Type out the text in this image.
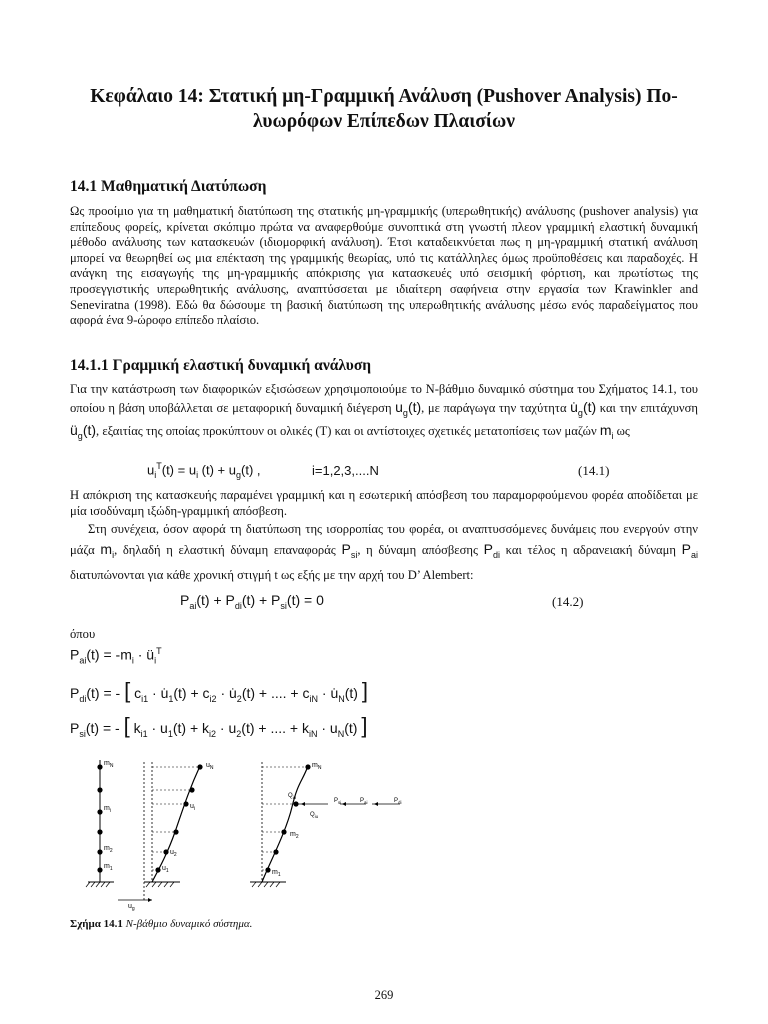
Κεφάλαιο 14: Στατική μη-Γραμμική Ανάλυση (Pushover Analysis) Πο-
λυωρόφων Επίπεδων Πλαισίων
14.1 Μαθηματική Διατύπωση
Ως προοίμιο για τη μαθηματική διατύπωση της στατικής μη-γραμμικής (υπερωθητικής) ανάλυσης (pushover analysis) για επίπεδους φορείς, κρίνεται σκόπιμο πρώτα να αναφερθούμε συνοπτικά στη γνωστή πλεον γραμμική ελαστική δυναμική μέθοδο ανάλυσης των κατασκευών (ιδιομορφική ανάλυση). Έτσι καταδεικνύεται πως η μη-γραμμική στατική ανάλυση μπορεί να θεωρηθεί ως μια επέκταση της γραμμικής θεωρίας, υπό τις κατάλληλες όμως προϋποθέσεις και παραδοχές. Η ανάγκη της εισαγωγής της μη-γραμμικής απόκρισης για κατασκευές υπό σεισμική φόρτιση, και πρωτίστως της προσεγγιστικής υπερωθητικής ανάλυσης, αναπτύσσεται με ιδιαίτερη σαφήνεια στην εργασία των Krawinkler and Seneviratna (1998). Εδώ θα δώσουμε τη βασική διατύπωση της υπερωθητικής ανάλυσης μέσω ενός παραδείγματος που αφορά ένα 9-ώροφο επίπεδο πλαίσιο.
14.1.1 Γραμμική ελαστική δυναμική ανάλυση
Για την κατάστρωση των διαφορικών εξισώσεων χρησιμοποιούμε το Ν-βάθμιο δυναμικό σύστημα του Σχήματος 14.1, του οποίου η βάση υποβάλλεται σε μεταφορική δυναμική διέγερση $u_g(t)$, με παράγωγα την ταχύτητα $u̇_g(t)$ και την επιτάχυνση $ü_g(t)$, εξαιτίας της οποίας προκύπτουν οι ολικές (T) και οι αντίστοιχες σχετικές μετατοπίσεις των μαζών $m_i$ ως
$u_i^T(t) = u_i$ $(t) + u_g(t)$ ,	i=1,2,3,....N	(14.1)
Η απόκριση της κατασκευής παραμένει γραμμική και η εσωτερική απόσβεση του παραμορφούμενου φορέα αποδίδεται με μία ισοδύναμη ιξώδη-γραμμική απόσβεση.
Στη συνέχεια, όσον αφορά τη διατύπωση της ισορροπίας του φορέα, οι αναπτυσσόμενες δυνάμεις που ενεργούν στην μάζα $m_i$, δηλαδή η ελαστική δύναμη επαναφοράς $P_{si}$, η δύναμη απόσβεσης $P_{di}$ και τέλος η αδρανειακή δύναμη $P_{ai}$ διατυπώνονται για κάθε χρονική στιγμή t ως εξής με την αρχή του D’ Alembert:
$P_{ai}(t) + P_{di}(t) + P_{si}(t) = 0$	(14.2)
όπου
$P_{ai}(t) = -m_i$ · $ü_i^T$
$P_{di}(t)$ = - [ $c_{i1}$ · $u̇_1(t) + c_{i2}$ · $u̇_2(t)$ + .... + $c_{iN}$ · $u̇_N(t)$ ]
$P_{si}(t)$ = - [ $k_{i1} \cdot u_1(t) + k_{i2} \cdot u_2(t)$ + .... + $k_{iN} \cdot u_N(t)$ ]
$m_N$
$m_i$
$m_2$
$m_1$
$u_N$
$u_i$
$u_2$
$u_1$
$u_g$
$m_N$
$m_2$
$m_1$
$Q_{io}$
$Q_{iu}$
$P_{si}$	$P_{ai}$	$P_{di}$
Σχήμα 14.1 Ν-βάθμιο δυναμικό σύστημα.
269
